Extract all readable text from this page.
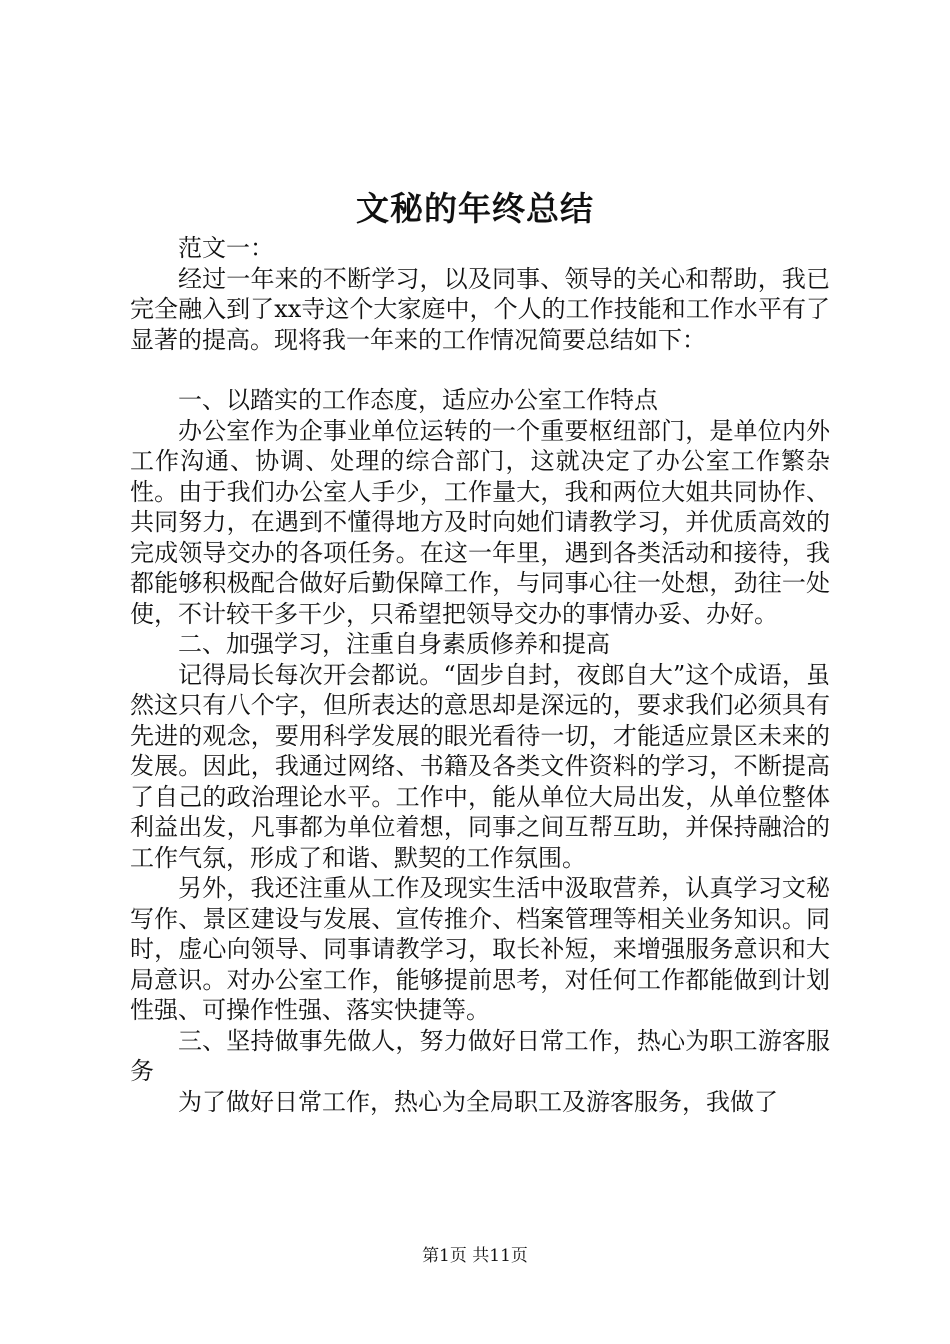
文秘的年终总结

范文一：

经过一年来的不断学习，以及同事、领导的关心和帮助，我已完全融入到了xx寺这个大家庭中，个人的工作技能和工作水平有了显著的提高。现将我一年来的工作情况简要总结如下：

一、以踏实的工作态度，适应办公室工作特点

办公室作为企事业单位运转的一个重要枢纽部门，是单位内外工作沟通、协调、处理的综合部门，这就决定了办公室工作繁杂性。由于我们办公室人手少，工作量大，我和两位大姐共同协作、共同努力，在遇到不懂得地方及时向她们请教学习，并优质高效的完成领导交办的各项任务。在这一年里，遇到各类活动和接待，我都能够积极配合做好后勤保障工作，与同事心往一处想，劲往一处使，不计较干多干少，只希望把领导交办的事情办妥、办好。

二、加强学习，注重自身素质修养和提高

记得局长每次开会都说。“固步自封，夜郎自大”这个成语，虽然这只有八个字，但所表达的意思却是深远的，要求我们必须具有先进的观念，要用科学发展的眼光看待一切，才能适应景区未来的发展。因此，我通过网络、书籍及各类文件资料的学习，不断提高了自己的政治理论水平。工作中，能从单位大局出发，从单位整体利益出发，凡事都为单位着想，同事之间互帮互助，并保持融洽的工作气氛，形成了和谐、默契的工作氛围。

另外，我还注重从工作及现实生活中汲取营养，认真学习文秘写作、景区建设与发展、宣传推介、档案管理等相关业务知识。同时，虚心向领导、同事请教学习，取长补短，来增强服务意识和大局意识。对办公室工作，能够提前思考，对任何工作都能做到计划性强、可操作性强、落实快捷等。

三、坚持做事先做人，努力做好日常工作，热心为职工游客服务

为了做好日常工作，热心为全局职工及游客服务，我做了

第1页 共11页
